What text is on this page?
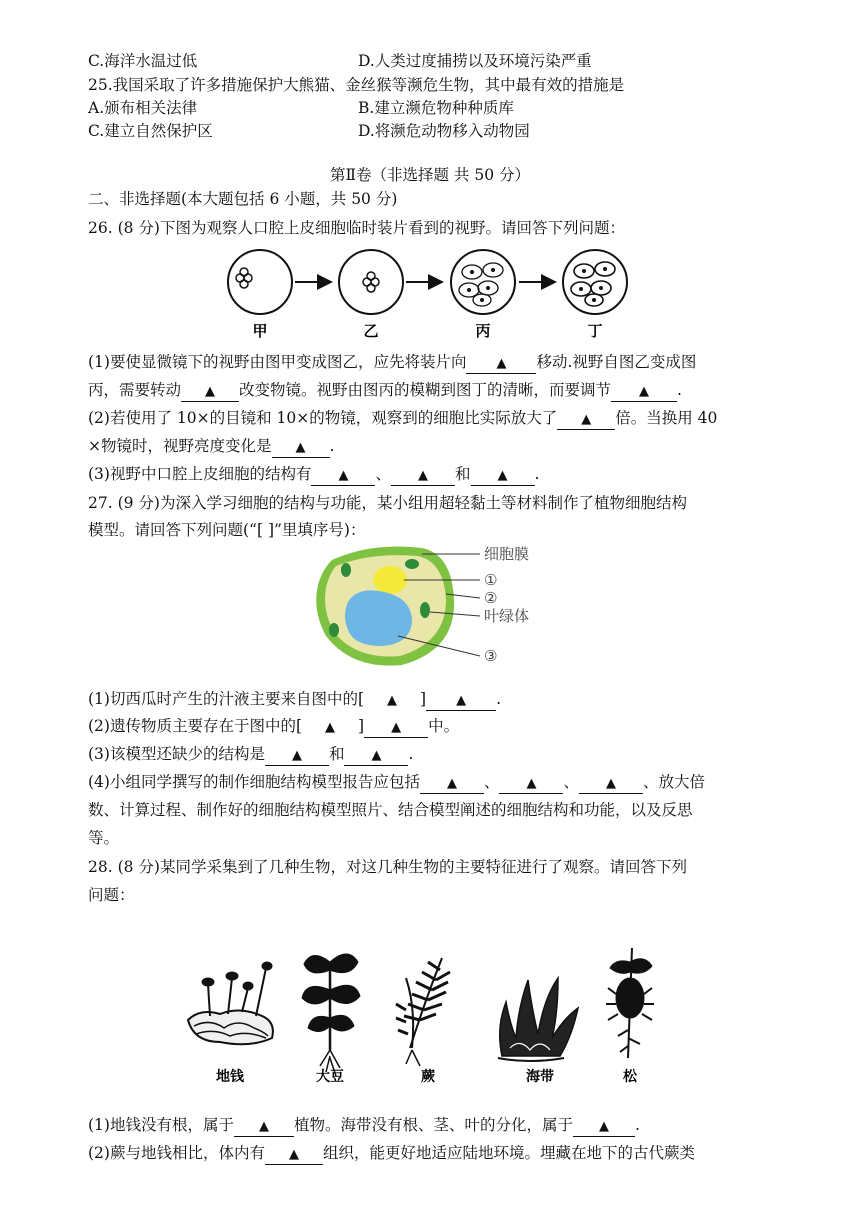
C.海洋水温过低	D.人类过度捕捞以及环境污染严重
25.我国采取了许多措施保护大熊猫、金丝猴等濒危生物，其中最有效的措施是
A.颁布相关法律	B.建立濒危物种种质库
C.建立自然保护区	D.将濒危动物移入动物园
第Ⅱ卷（非选择题 共 50 分）
二、非选择题(本大题包括 6 小题，共 50 分)
26. (8 分)下图为观察人口腔上皮细胞临时装片看到的视野。请回答下列问题：
甲	乙	丙	丁
(1)要使显微镜下的视野由图甲变成图乙，应先将装片向 ▲ 移动.视野自图乙变成图
丙，需要转动 ▲ 改变物镜。视野由图丙的模糊到图丁的清晰，而要调节 ▲ .
(2)若使用了 10×的目镜和 10×的物镜，观察到的细胞比实际放大了 ▲ 倍。当换用 40
×物镜时，视野亮度变化是 ▲ .
(3)视野中口腔上皮细胞的结构有 ▲ 、 ▲ 和 ▲ .
27. (9 分)为深入学习细胞的结构与功能，某小组用超轻黏土等材料制作了植物细胞结构
模型。请回答下列问题(“[ ]”里填序号)：
细胞膜
①
②
叶绿体
③
(1)切西瓜时产生的汁液主要来自图中的[ ▲ ] ▲ .
(2)遗传物质主要存在于图中的[ ▲ ] ▲ 中。
(3)该模型还缺少的结构是 ▲ 和 ▲ .
(4)小组同学撰写的制作细胞结构模型报告应包括 ▲ 、 ▲ 、 ▲ 、放大倍
数、计算过程、制作好的细胞结构模型照片、结合模型阐述的细胞结构和功能，以及反思
等。
28. (8 分)某同学采集到了几种生物，对这几种生物的主要特征进行了观察。请回答下列
问题：
地钱	大豆	蕨	海带	松
(1)地钱没有根，属于 ▲ 植物。海带没有根、茎、叶的分化，属于 ▲ .
(2)蕨与地钱相比，体内有 ▲ 组织，能更好地适应陆地环境。埋藏在地下的古代蕨类
